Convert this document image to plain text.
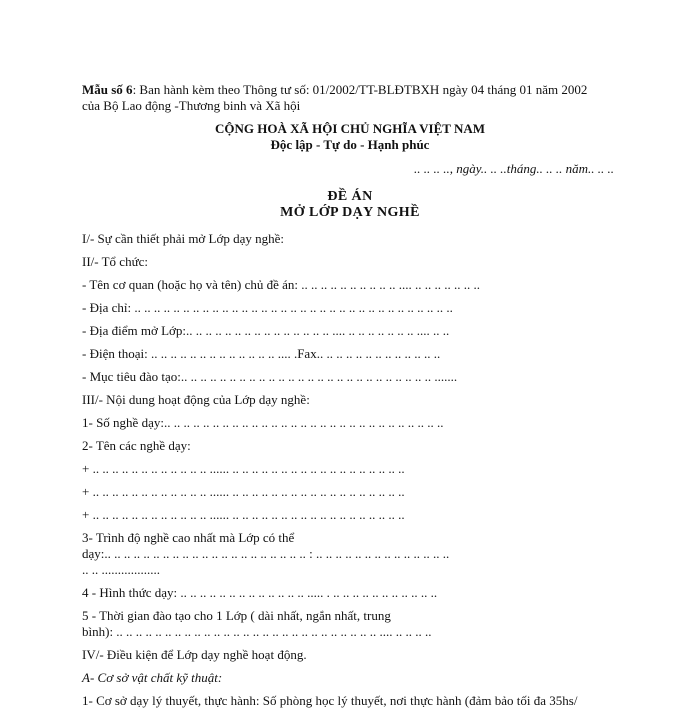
Mẫu số 6: Ban hành kèm theo Thông tư số: 01/2002/TT-BLĐTBXH ngày 04 tháng 01 năm 2002
của Bộ Lao động -Thương binh và Xã hội
CỘNG HOÀ XÃ HỘI CHỦ NGHĨA VIỆT NAM
Độc lập - Tự do - Hạnh phúc
.. .. .. .., ngày.. .. ..tháng.. .. .. năm.. .. ..
ĐỀ ÁN
MỞ LỚP DẠY NGHỀ
I/- Sự cần thiết phải mở Lớp dạy nghề:
II/- Tổ chức:
- Tên cơ quan (hoặc họ và tên) chủ đề án: .. .. .. .. .. .. .. .. .. .. .... .. .. .. .. .. .. ..
- Địa chỉ: .. .. .. .. .. .. .. .. .. .. .. .. .. .. .. .. .. .. .. .. .. .. .. .. .. .. .. .. .. .. .. .. ..
- Địa điểm mở Lớp:.. .. .. .. .. .. .. .. .. .. .. .. .. .. .. .... .. .. .. .. .. .. .. .... .. ..
- Điện thoại: .. .. .. .. .. .. .. .. .. .. .. .. .. .... .Fax.. .. .. .. .. .. .. .. .. .. .. .. ..
- Mục tiêu đào tạo:.. .. .. .. .. .. .. .. .. .. .. .. .. .. .. .. .. .. .. .. .. .. .. .. .. .. .......
III/- Nội dung hoạt động của Lớp dạy nghề:
1- Số nghề dạy:.. .. .. .. .. .. .. .. .. .. .. .. .. .. .. .. .. .. .. .. .. .. .. .. .. .. .. .. ..
2- Tên các nghề dạy:
+ .. .. .. .. .. .. .. .. .. .. .. .. ...... .. .. .. .. .. .. .. .. .. .. .. .. .. .. .. .. .. ..
+ .. .. .. .. .. .. .. .. .. .. .. .. ...... .. .. .. .. .. .. .. .. .. .. .. .. .. .. .. .. .. ..
+ .. .. .. .. .. .. .. .. .. .. .. .. ...... .. .. .. .. .. .. .. .. .. .. .. .. .. .. .. .. .. ..
3- Trình độ nghề cao nhất mà Lớp có thể
dạy:.. .. .. .. .. .. .. .. .. .. .. .. .. .. .. .. .. .. .. .. .. : .. .. .. .. .. .. .. .. .. .. .. .. .. ..
.. .. ..................
4 - Hình thức dạy: .. .. .. .. .. .. .. .. .. .. .. .. .. ..... . .. .. .. .. .. .. .. .. .. .. ..
5 - Thời gian đào tạo cho 1 Lớp ( dài nhất, ngắn nhất, trung
bình): .. .. .. .. .. .. .. .. .. .. .. .. .. .. .. .. .. .. .. .. .. .. .. .. .. .. .. .... .. .. .. ..
IV/- Điều kiện để Lớp dạy nghề hoạt động.
A- Cơ sở vật chất kỹ thuật:
1- Cơ sở dạy lý thuyết, thực hành: Số phòng học lý thuyết, nơi thực hành (đảm bảo tối đa 35hs/
